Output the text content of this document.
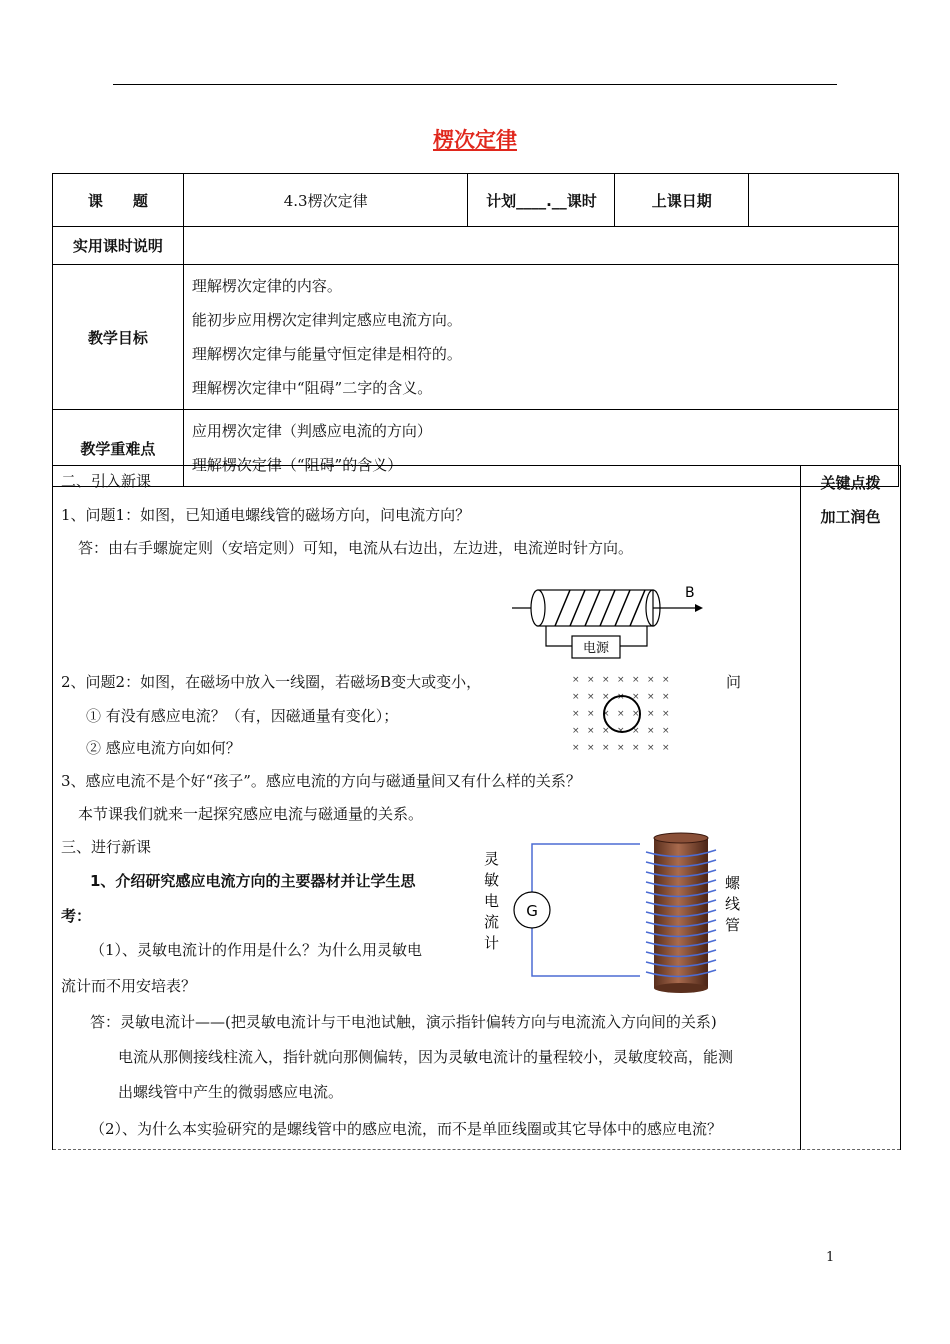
楞次定律
课　　题	4.3楞次定律	计划____.__课时	上课日期	
实用课时说明				
教学目标	理解楞次定律的内容。

能初步应用楞次定律判定感应电流方向。

理解楞次定律与能量守恒定律是相符的。

理解楞次定律中“阻碍”二字的含义。			

教学重难点	应用楞次定律（判感应电流的方向）

理解楞次定律（“阻碍”的含义）			

关键点拨
加工润色
二、引入新课
1、问题1：如图，已知通电螺线管的磁场方向，问电流方向？
答：由右手螺旋定则（安培定则）可知，电流从右边出，左边进，电流逆时针方向。
2、问题2：如图，在磁场中放入一线圈，若磁场B变大或变小，	问
① 有没有感应电流？（有，因磁通量有变化）；
② 感应电流方向如何？
3、感应电流不是个好“孩子”。感应电流的方向与磁通量间又有什么样的关系？
本节课我们就来一起探究感应电流与磁通量的关系。
三、进行新课
1、介绍研究感应电流方向的主要器材并让学生思
考：
（1）、灵敏电流计的作用是什么？为什么用灵敏电
流计而不用安培表？
答：灵敏电流计——(把灵敏电流计与干电池试触，演示指针偏转方向与电流流入方向间的关系)
电流从那侧接线柱流入，指针就向那侧偏转，因为灵敏电流计的量程较小，灵敏度较高，能测
出螺线管中产生的微弱感应电流。
（2）、为什么本实验研究的是螺线管中的感应电流，而不是单匝线圈或其它导体中的感应电流？
电源
B
× × × × × × ×
× × × × × × ×
× × × × × × ×
× × × × × × ×
× × × × × × ×
G
灵
敏
电
流
计
螺
线
管
1
